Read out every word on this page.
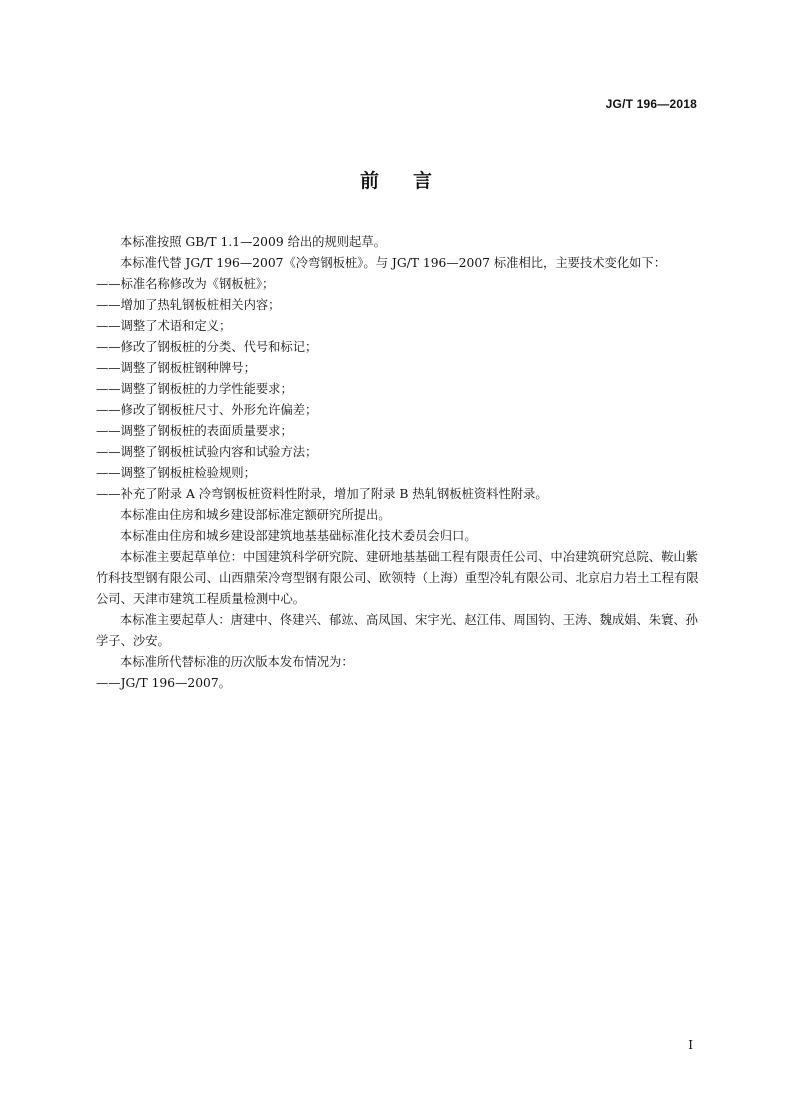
JG/T 196—2018
前言

本标准按照 GB/T 1.1—2009 给出的规则起草。

本标准代替 JG/T 196—2007《冷弯钢板桩》。与 JG/T 196—2007 标准相比，主要技术变化如下：

——标准名称修改为《钢板桩》；

——增加了热轧钢板桩相关内容；

——调整了术语和定义；

——修改了钢板桩的分类、代号和标记；

——调整了钢板桩钢种牌号；

——调整了钢板桩的力学性能要求；

——修改了钢板桩尺寸、外形允许偏差；

——调整了钢板桩的表面质量要求；

——调整了钢板桩试验内容和试验方法；

——调整了钢板桩检验规则；

——补充了附录 A 冷弯钢板桩资料性附录，增加了附录 B 热轧钢板桩资料性附录。

本标准由住房和城乡建设部标准定额研究所提出。

本标准由住房和城乡建设部建筑地基基础标准化技术委员会归口。

本标准主要起草单位：中国建筑科学研究院、建研地基基础工程有限责任公司、中冶建筑研究总院、鞍山紫竹科技型钢有限公司、山西鼎荣冷弯型钢有限公司、欧领特（上海）重型冷轧有限公司、北京启力岩土工程有限公司、天津市建筑工程质量检测中心。

本标准主要起草人：唐建中、佟建兴、郁竑、高凤国、宋宇光、赵江伟、周国钧、王涛、魏成娟、朱寰、孙学子、沙安。

本标准所代替标准的历次版本发布情况为：

——JG/T 196—2007。

I
